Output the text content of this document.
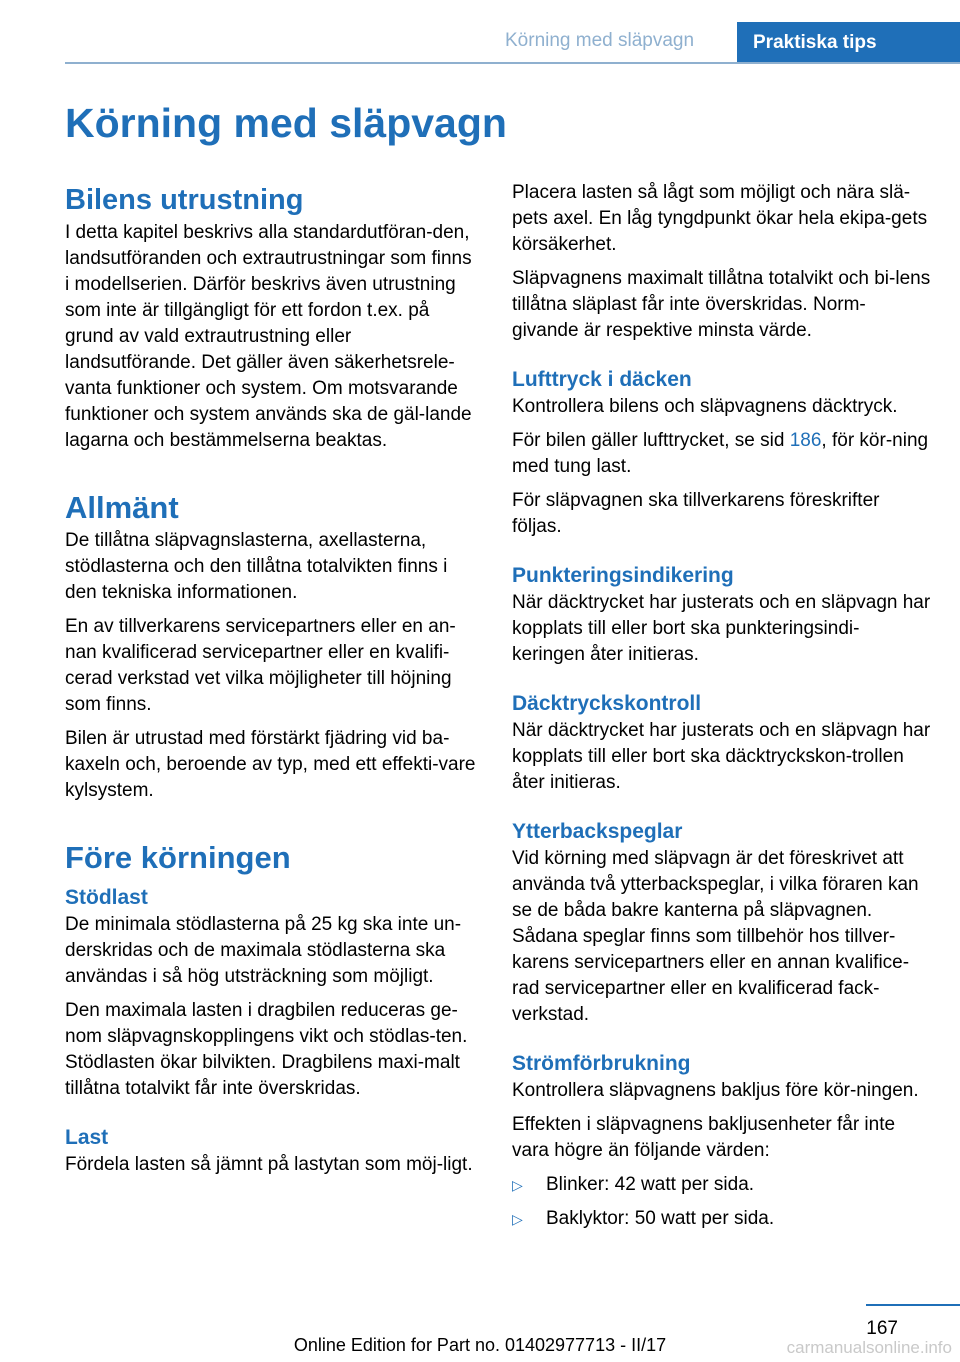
Körning med släpvagn	Praktiska tips
Körning med släpvagn
Bilens utrustning

I detta kapitel beskrivs alla standardutföran-den, landsutföranden och extrautrustningar som finns i modellserien. Därför beskrivs även utrustning som inte är tillgängligt för ett fordon t.ex. på grund av vald extrautrustning eller landsutförande. Det gäller även säkerhetsrele-vanta funktioner och system. Om motsvarande funktioner och system används ska de gäl-lande lagarna och bestämmelserna beaktas.

Allmänt

De tillåtna släpvagnslasterna, axellasterna, stödlasterna och den tillåtna totalvikten finns i den tekniska informationen.

En av tillverkarens servicepartners eller en an-nan kvalificerad servicepartner eller en kvalifi-cerad verkstad vet vilka möjligheter till höjning som finns.

Bilen är utrustad med förstärkt fjädring vid ba-kaxeln och, beroende av typ, med ett effekti-vare kylsystem.

Före körningen
Stödlast

De minimala stödlasterna på 25 kg ska inte un-derskridas och de maximala stödlasterna ska användas i så hög utsträckning som möjligt.

Den maximala lasten i dragbilen reduceras ge-nom släpvagnskopplingens vikt och stödlas-ten. Stödlasten ökar bilvikten. Dragbilens maxi-malt tillåtna totalvikt får inte överskridas.

Last

Fördela lasten så jämnt på lastytan som möj-ligt.

Placera lasten så lågt som möjligt och nära slä-pets axel. En låg tyngdpunkt ökar hela ekipa-gets körsäkerhet.

Släpvagnens maximalt tillåtna totalvikt och bi-lens tillåtna släplast får inte överskridas. Norm-givande är respektive minsta värde.

Lufttryck i däcken

Kontrollera bilens och släpvagnens däcktryck.

För bilen gäller lufttrycket, se sid 186, för kör-ning med tung last.

För släpvagnen ska tillverkarens föreskrifter följas.

Punkteringsindikering

När däcktrycket har justerats och en släpvagn har kopplats till eller bort ska punkteringsindi-keringen åter initieras.

Däcktryckskontroll

När däcktrycket har justerats och en släpvagn har kopplats till eller bort ska däcktryckskon-trollen åter initieras.

Ytterbackspeglar

Vid körning med släpvagn är det föreskrivet att använda två ytterbackspeglar, i vilka föraren kan se de båda bakre kanterna på släpvagnen. Sådana speglar finns som tillbehör hos tillver-karens servicepartners eller en annan kvalifice-rad servicepartner eller en kvalificerad fack-verkstad.

Strömförbrukning

Kontrollera släpvagnens bakljus före kör-ningen.

Effekten i släpvagnens bakljusenheter får inte vara högre än följande värden:

▷ Blinker: 42 watt per sida.
▷ Baklyktor: 50 watt per sida.
167
Online Edition for Part no. 01402977713 - II/17	carmanualsonline.info
